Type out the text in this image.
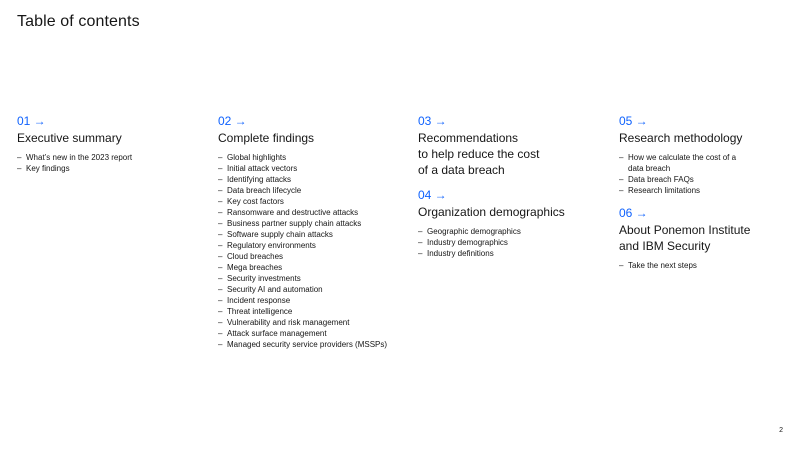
Table of contents
01 →
Executive summary
– What’s new in the 2023 report
– Key findings
02 →
Complete findings
– Global highlights
– Initial attack vectors
– Identifying attacks
– Data breach lifecycle
– Key cost factors
– Ransomware and destructive attacks
– Business partner supply chain attacks
– Software supply chain attacks
– Regulatory environments
– Cloud breaches
– Mega breaches
– Security investments
– Security AI and automation
– Incident response
– Threat intelligence
– Vulnerability and risk management
– Attack surface management
– Managed security service providers (MSSPs)
03 →
Recommendations
to help reduce the cost
of a data breach
04 →
Organization demographics
– Geographic demographics
– Industry demographics
– Industry definitions
05 →
Research methodology
– How we calculate the cost of a data breach
– Data breach FAQs
– Research limitations
06 →
About Ponemon Institute
and IBM Security
– Take the next steps
2
